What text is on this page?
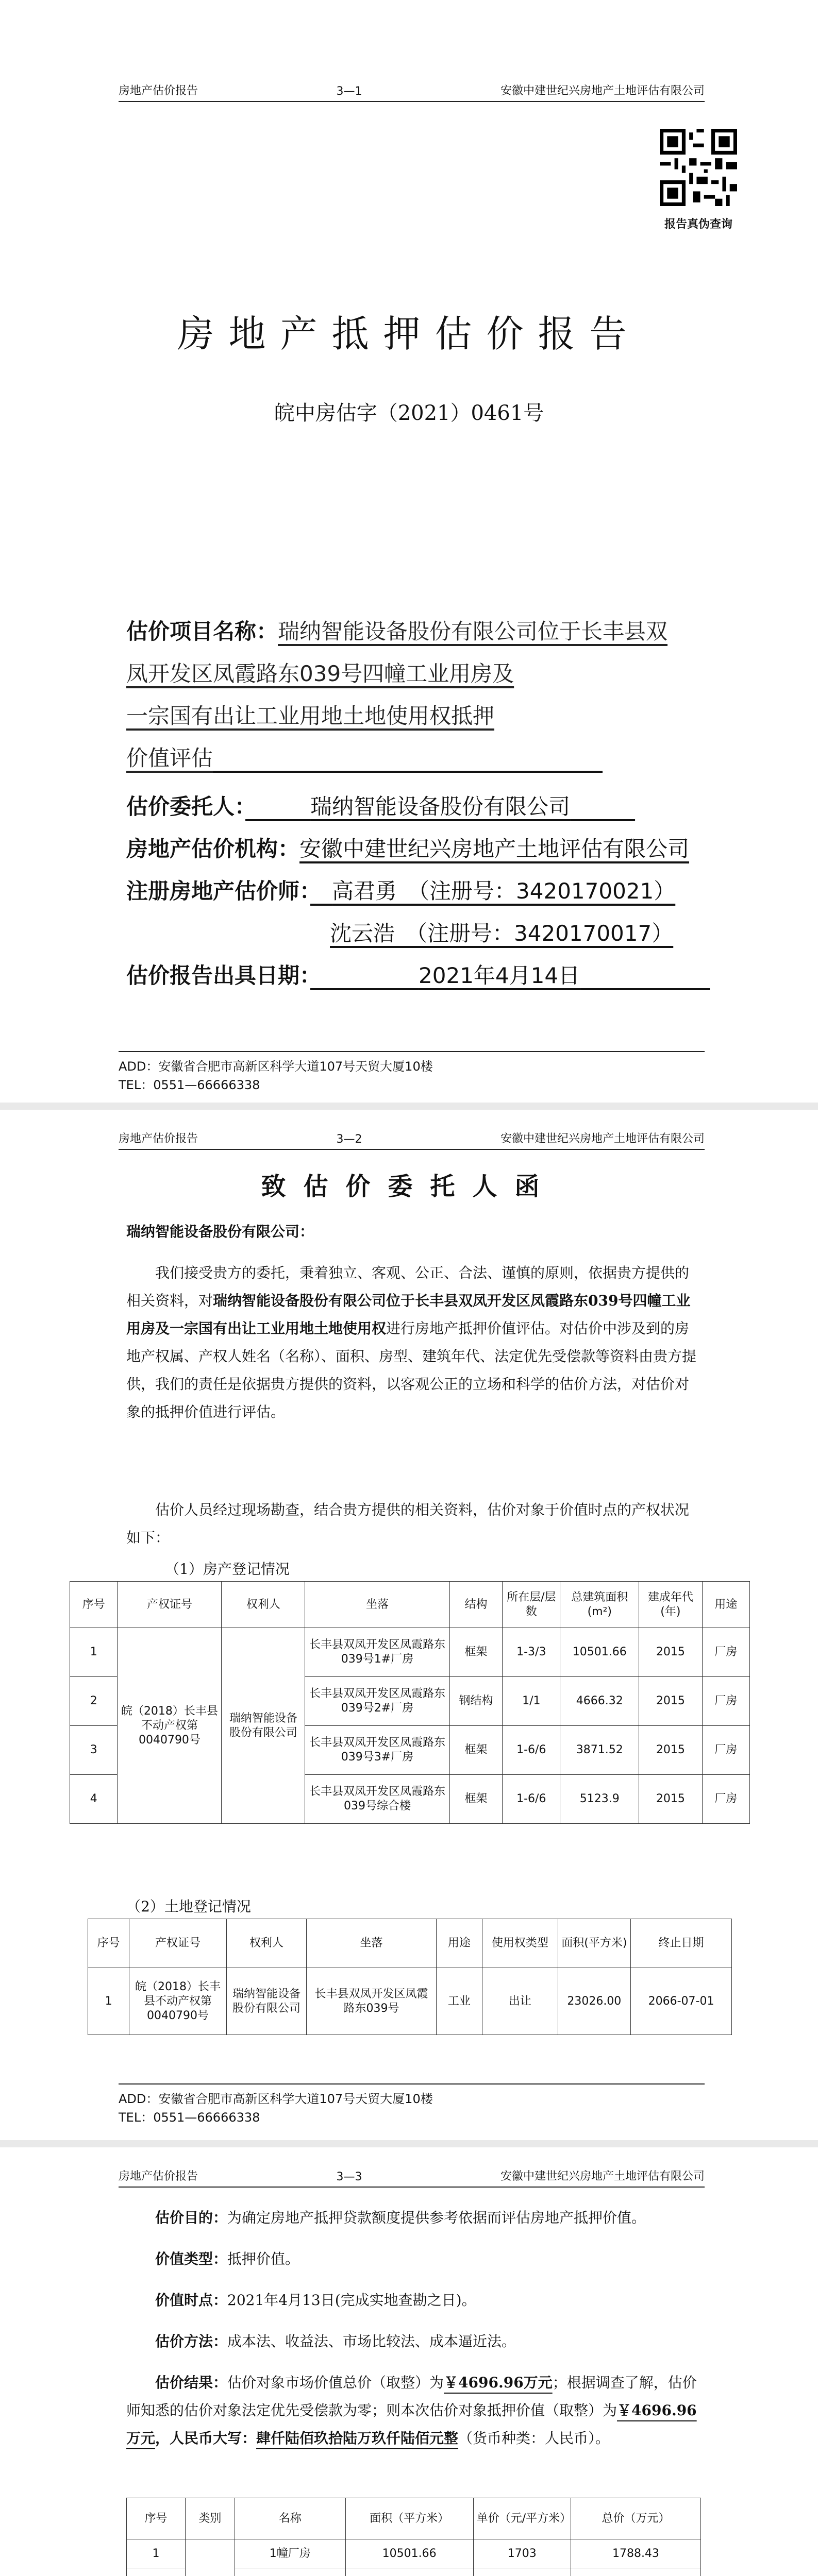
房地产估价报告	3—1	安徽中建世纪兴房地产土地评估有限公司
报告真伪查询
房地产抵押估价报告
皖中房估字（2021）0461号
估价项目名称：瑞纳智能设备股份有限公司位于长丰县双
凤开发区凤霞路东039号四幢工业用房及
一宗国有出让工业用地土地使用权抵押
价值评估　　　　　　　　　　　　　　　　　　
估价委托人：　　　	瑞纳智能设备股份有限公司　　　
房地产估价机构：安徽中建世纪兴房地产土地评估有限公司
注册房地产估价师：　 高君勇　（注册号：3420170021）
沈云浩　（注册号：3420170017）
估价报告出具日期：　　　　　	2021年4月14日　　　　　　
ADD：安徽省合肥市高新区科学大道107号天贸大厦10楼
TEL：0551—66666338
房地产估价报告	3—2	安徽中建世纪兴房地产土地评估有限公司
致估价委托人函
瑞纳智能设备股份有限公司：
我们接受贵方的委托，秉着独立、客观、公正、合法、谨慎的原则，依据贵方提供的相关资料，对瑞纳智能设备股份有限公司位于长丰县双凤开发区凤霞路东039号四幢工业用房及一宗国有出让工业用地土地使用权进行房地产抵押价值评估。对估价中涉及到的房地产权属、产权人姓名（名称）、面积、房型、建筑年代、法定优先受偿款等资料由贵方提供，我们的责任是依据贵方提供的资料，以客观公正的立场和科学的估价方法，对估价对象的抵押价值进行评估。
估价人员经过现场勘查，结合贵方提供的相关资料，估价对象于价值时点的产权状况如下：
（1）房产登记情况
序号	产权证号	权利人	坐落	结构	所在层/层数	总建筑面积(m²)	建成年代(年)	用途
1	皖（2018）长丰县不动产权第0040790号	瑞纳智能设备股份有限公司	长丰县双凤开发区凤霞路东039号1#厂房	框架	1-3/3	10501.66	2015	厂房
2			长丰县双凤开发区凤霞路东039号2#厂房	钢结构	1/1	4666.32	2015	厂房
3			长丰县双凤开发区凤霞路东039号3#厂房	框架	1-6/6	3871.52	2015	厂房
4			长丰县双凤开发区凤霞路东039号综合楼	框架	1-6/6	5123.9	2015	厂房
（2）土地登记情况
序号	产权证号	权利人	坐落	用途	使用权类型	面积(平方米)	终止日期
1	皖（2018）长丰县不动产权第0040790号	瑞纳智能设备股份有限公司	长丰县双凤开发区凤霞路东039号	工业	出让	23026.00	2066-07-01
ADD：安徽省合肥市高新区科学大道107号天贸大厦10楼
TEL：0551—66666338
房地产估价报告	3—3	安徽中建世纪兴房地产土地评估有限公司
估价目的：为确定房地产抵押贷款额度提供参考依据而评估房地产抵押价值。
价值类型：抵押价值。
价值时点：2021年4月13日(完成实地查勘之日)。
估价方法：成本法、收益法、市场比较法、成本逼近法。
估价结果：估价对象市场价值总价（取整）为￥4696.96万元；根据调查了解，估价师知悉的估价对象法定优先受偿款为零；则本次估价对象抵押价值（取整）为￥4696.96万元，人民币大写：肆仟陆佰玖拾陆万玖仟陆佰元整（货币种类：人民币）。
序号	类别	名称	面积（平方米）	单价（元/平方米）	总价（万元）
1		1幢厂房	10501.66	1703	1788.43
